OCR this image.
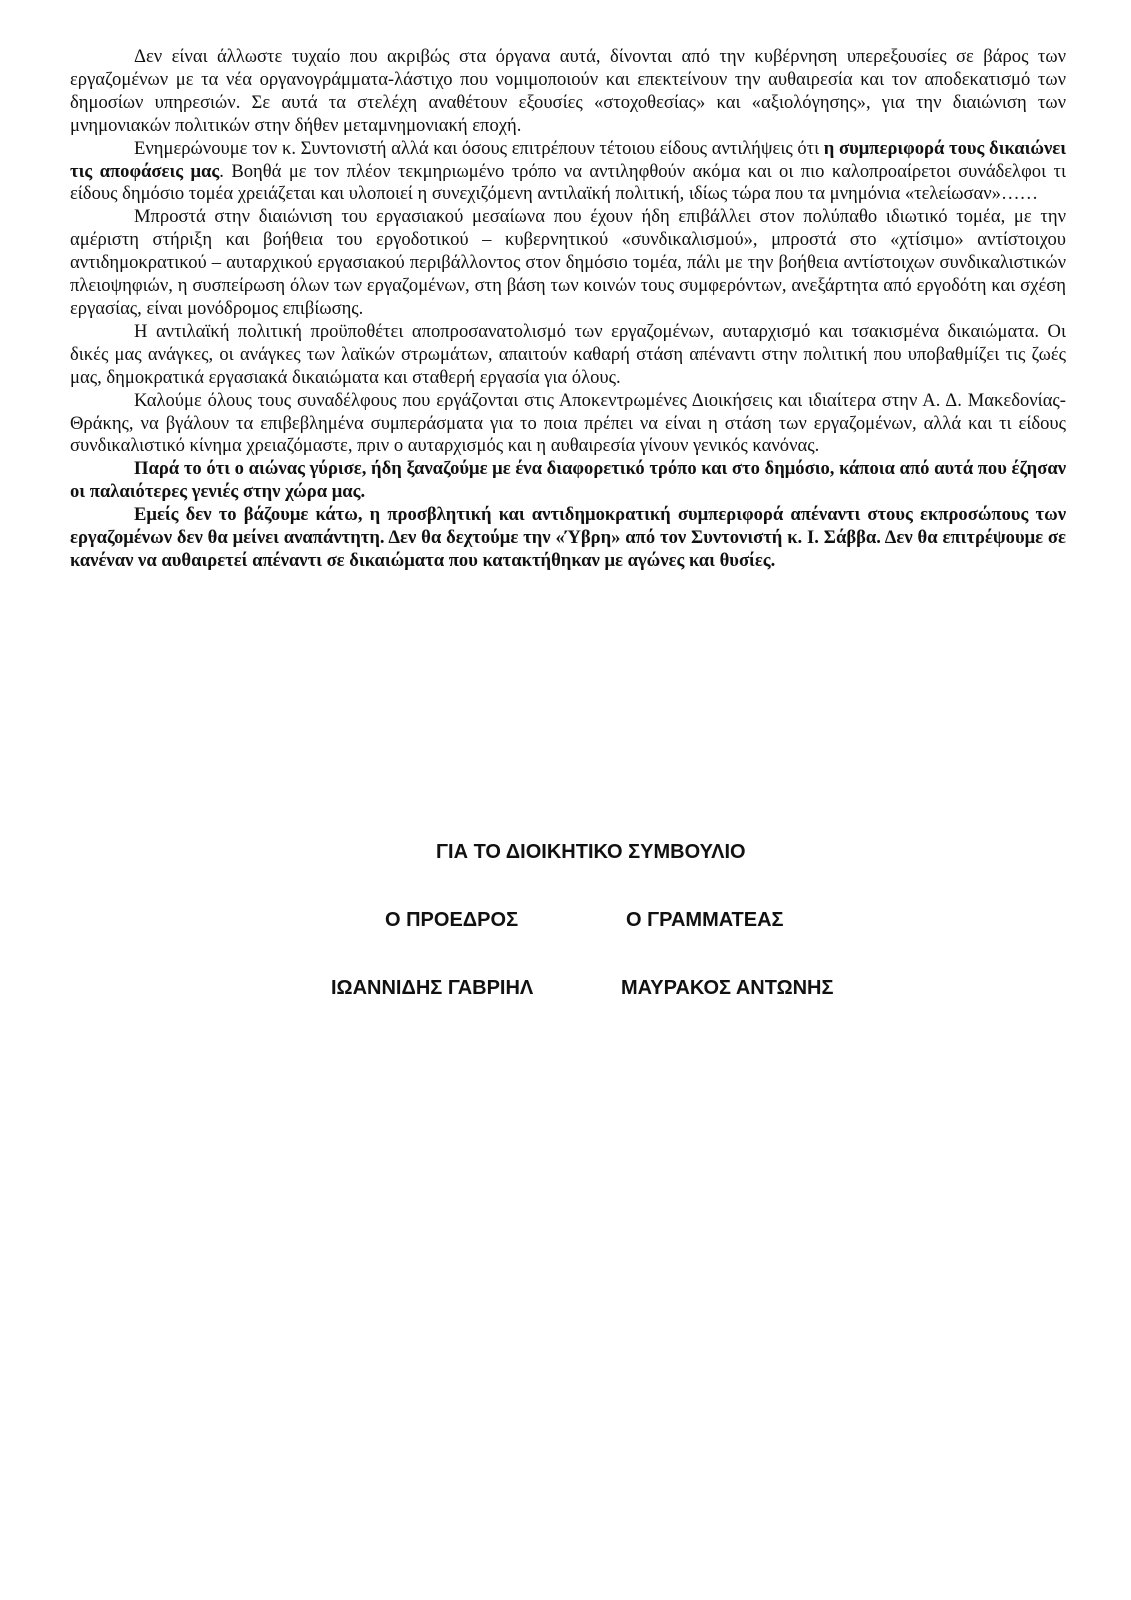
Δεν είναι άλλωστε τυχαίο που ακριβώς στα όργανα αυτά, δίνονται από την κυβέρνηση υπερεξουσίες σε βάρος των εργαζομένων με τα νέα οργανογράμματα-λάστιχο που νομιμοποιούν και επεκτείνουν την αυθαιρεσία και τον αποδεκατισμό των δημοσίων υπηρεσιών. Σε αυτά τα στελέχη αναθέτουν εξουσίες «στοχοθεσίας» και «αξιολόγησης», για την διαιώνιση των μνημονιακών πολιτικών στην δήθεν μεταμνημονιακή εποχή.

Ενημερώνουμε τον κ. Συντονιστή αλλά και όσους επιτρέπουν τέτοιου είδους αντιλήψεις ότι η συμπεριφορά τους δικαιώνει τις αποφάσεις μας. Βοηθά με τον πλέον τεκμηριωμένο τρόπο να αντιληφθούν ακόμα και οι πιο καλοπροαίρετοι συνάδελφοι τι είδους δημόσιο τομέα χρειάζεται και υλοποιεί η συνεχιζόμενη αντιλαϊκή πολιτική, ιδίως τώρα που τα μνημόνια «τελείωσαν»……

Μπροστά στην διαιώνιση του εργασιακού μεσαίωνα που έχουν ήδη επιβάλλει στον πολύπαθο ιδιωτικό τομέα, με την αμέριστη στήριξη και βοήθεια του εργοδοτικού – κυβερνητικού «συνδικαλισμού», μπροστά στο «χτίσιμο» αντίστοιχου αντιδημοκρατικού – αυταρχικού εργασιακού περιβάλλοντος στον δημόσιο τομέα, πάλι με την βοήθεια αντίστοιχων συνδικαλιστικών πλειοψηφιών, η συσπείρωση όλων των εργαζομένων, στη βάση των κοινών τους συμφερόντων, ανεξάρτητα από εργοδότη και σχέση εργασίας, είναι μονόδρομος επιβίωσης.

Η αντιλαϊκή πολιτική προϋποθέτει αποπροσανατολισμό των εργαζομένων, αυταρχισμό και τσακισμένα δικαιώματα. Οι δικές μας ανάγκες, οι ανάγκες των λαϊκών στρωμάτων, απαιτούν καθαρή στάση απέναντι στην πολιτική που υποβαθμίζει τις ζωές μας, δημοκρατικά εργασιακά δικαιώματα και σταθερή εργασία για όλους.

Καλούμε όλους τους συναδέλφους που εργάζονται στις Αποκεντρωμένες Διοικήσεις και ιδιαίτερα στην Α. Δ. Μακεδονίας- Θράκης, να βγάλουν τα επιβεβλημένα συμπεράσματα για το ποια πρέπει να είναι η στάση των εργαζομένων, αλλά και τι είδους συνδικαλιστικό κίνημα χρειαζόμαστε, πριν ο αυταρχισμός και η αυθαιρεσία γίνουν γενικός κανόνας.

Παρά το ότι ο αιώνας γύρισε, ήδη ξαναζούμε με ένα διαφορετικό τρόπο και στο δημόσιο, κάποια από αυτά που έζησαν οι παλαιότερες γενιές στην χώρα μας.

Εμείς δεν το βάζουμε κάτω, η προσβλητική και αντιδημοκρατική συμπεριφορά απέναντι στους εκπροσώπους των εργαζομένων δεν θα μείνει αναπάντητη. Δεν θα δεχτούμε την «Ύβρη» από τον Συντονιστή κ. Ι. Σάββα. Δεν θα επιτρέψουμε σε κανέναν να αυθαιρετεί απέναντι σε δικαιώματα που κατακτήθηκαν με αγώνες και θυσίες.

ΓΙΑ ΤΟ ΔΙΟΙΚΗΤΙΚΟ ΣΥΜΒΟΥΛΙΟ
Ο ΠΡΟΕΔΡΟΣ	Ο ΓΡΑΜΜΑΤΕΑΣ
ΙΩΑΝΝΙΔΗΣ ΓΑΒΡΙΗΛ	ΜΑΥΡΑΚΟΣ ΑΝΤΩΝΗΣ
